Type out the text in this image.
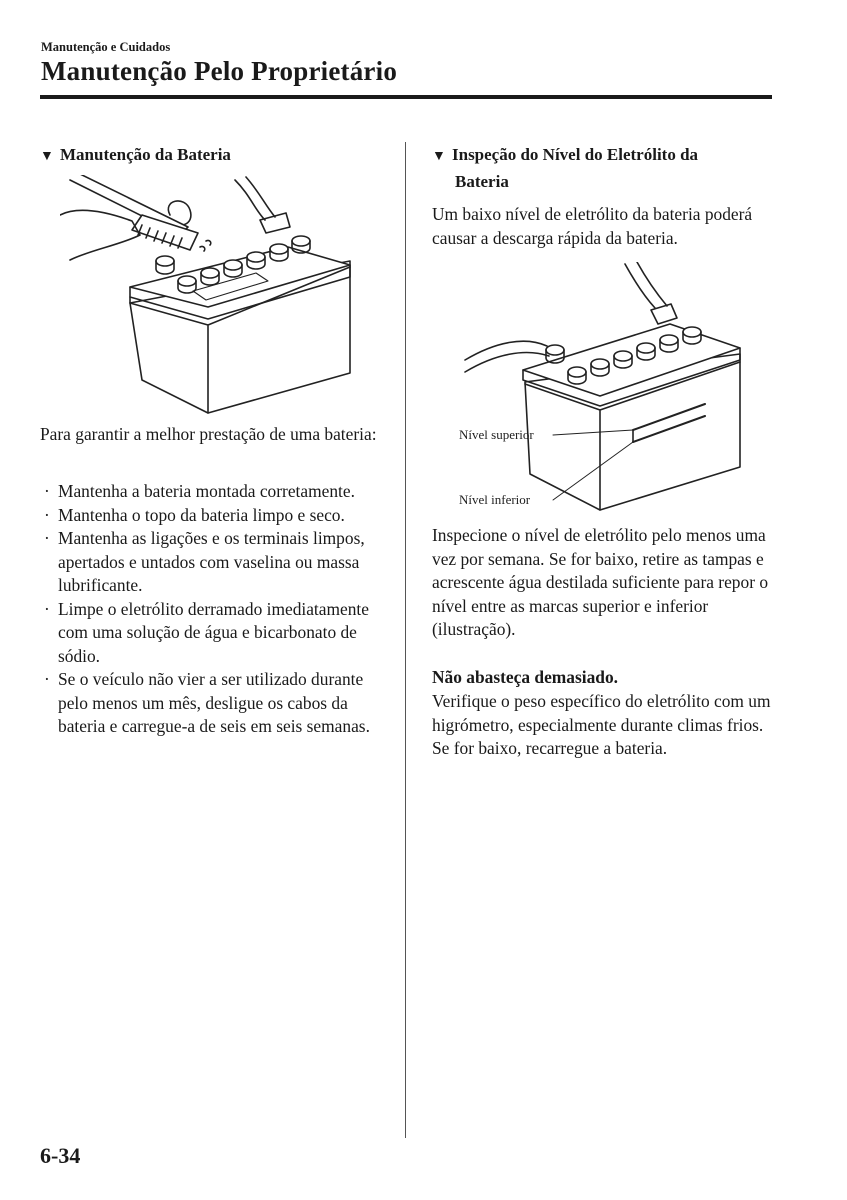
Manutenção e Cuidados
Manutenção Pelo Proprietário
▼ Manutenção da Bateria

Para garantir a melhor prestação de uma bateria:

· Mantenha a bateria montada corretamente.
· Mantenha o topo da bateria limpo e seco.
· Mantenha as ligações e os terminais limpos, apertados e untados com vaselina ou massa lubrificante.
· Limpe o eletrólito derramado imediatamente com uma solução de água e bicarbonato de sódio.
· Se o veículo não vier a ser utilizado durante pelo menos um mês, desligue os cabos da bateria e carregue-a de seis em seis semanas.
▼ Inspeção do Nível do Eletrólito da
Bateria

Um baixo nível de eletrólito da bateria poderá causar a descarga rápida da bateria.

Nível superior
Nível inferior

Inspecione o nível de eletrólito pelo menos uma vez por semana. Se for baixo, retire as tampas e acrescente água destilada suficiente para repor o nível entre as marcas superior e inferior (ilustração).

Não abasteça demasiado.

Verifique o peso específico do eletrólito com um higrómetro, especialmente durante climas frios. Se for baixo, recarregue a bateria.

6-34
